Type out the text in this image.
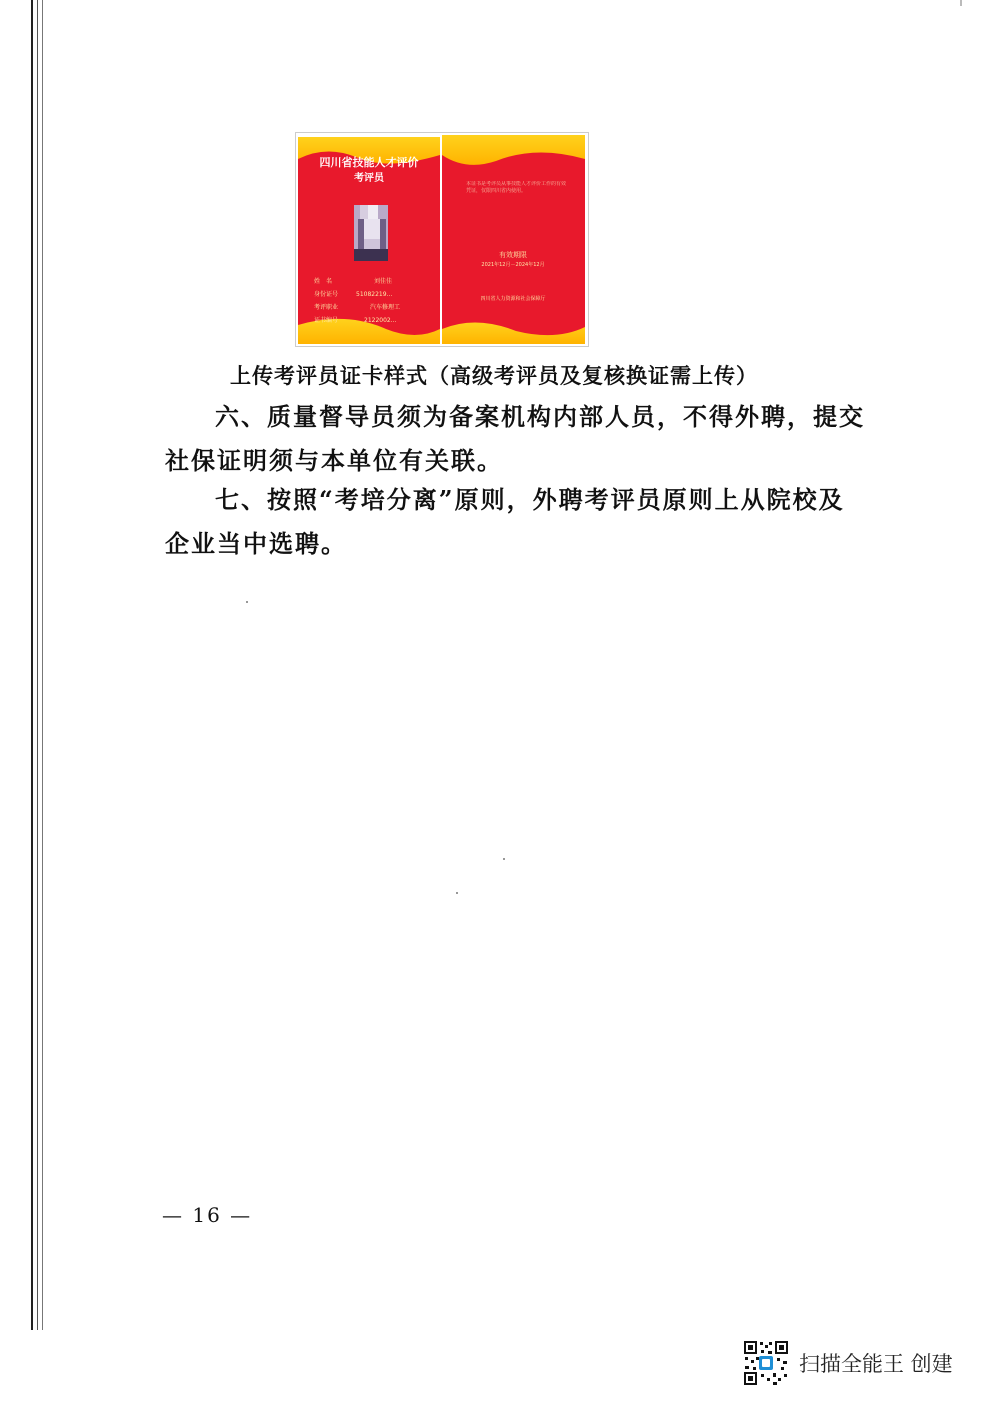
四川省技能人才评价
考评员
姓　名	刘佳佳
身份证号	51082219...
考评职业	汽车修理工
证书编号	2122002...
本证书是考评员从事技能人才评价工作的有效凭证，仅限四川省内使用。
有效期限
2021年12月－2024年12月
四川省人力资源和社会保障厅
上传考评员证卡样式（高级考评员及复核换证需上传）
六、质量督导员须为备案机构内部人员，不得外聘，提交社保证明须与本单位有关联。
七、按照“考培分离”原则，外聘考评员原则上从院校及企业当中选聘。
— 16 —
扫描全能王 创建
